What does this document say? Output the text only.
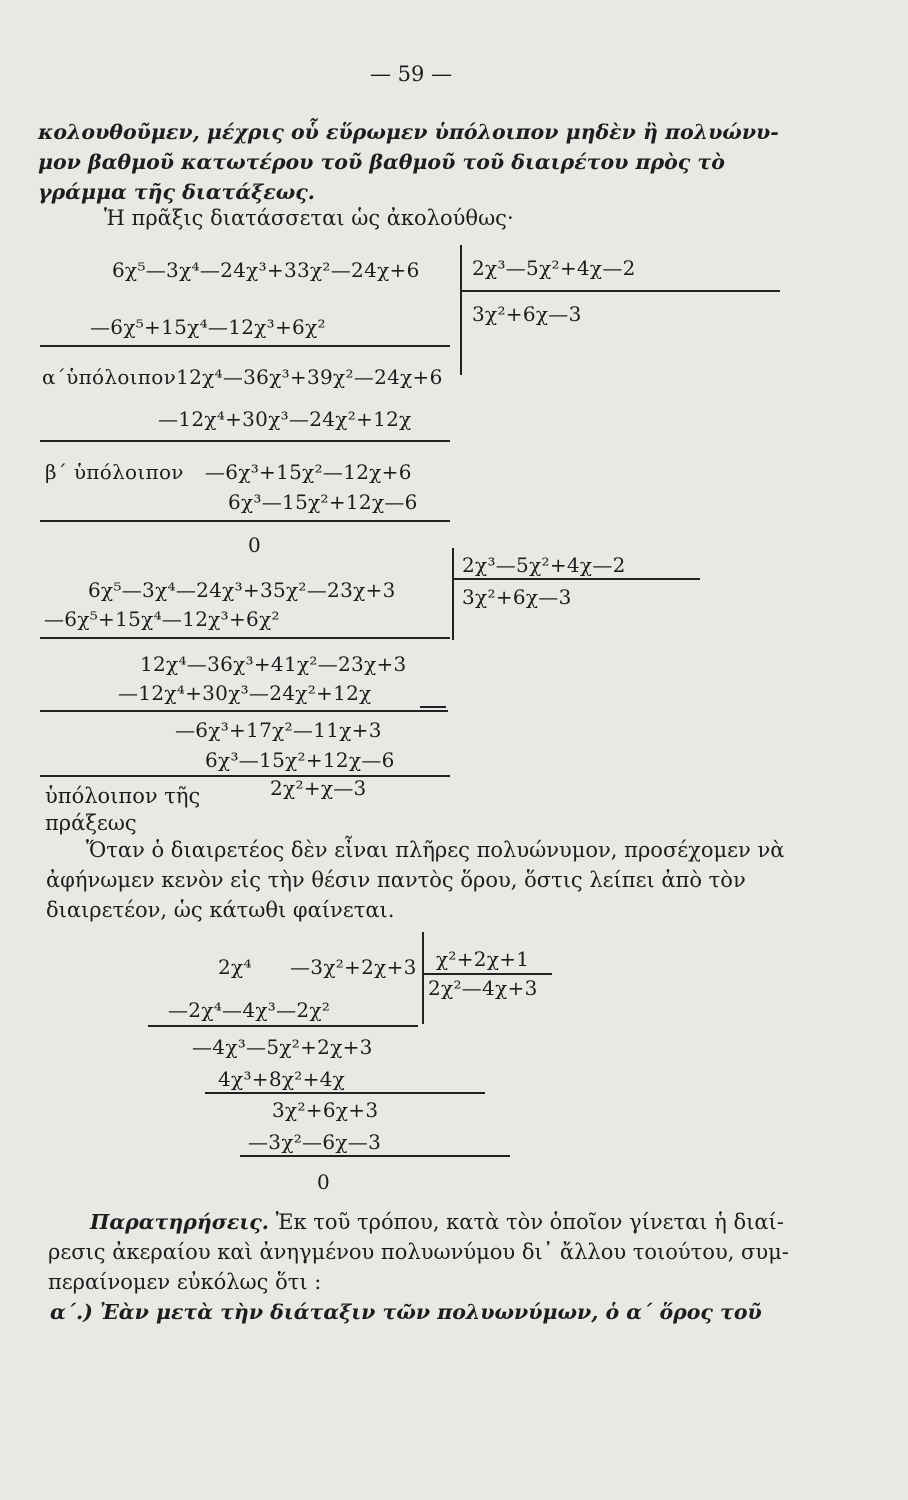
— 59 —
κολουθοῦμεν, μέχρις οὗ εὕρωμεν ὑπόλοιπον μηδὲν ἢ πολυώνυ-
μον βαθμοῦ κατωτέρου τοῦ βαθμοῦ τοῦ διαιρέτου πρὸς τὸ
γράμμα τῆς διατάξεως.
Ἡ πρᾶξις διατάσσεται ὡς ἀκολούθως·
6χ⁵—3χ⁴—24χ³+33χ²—24χ+6	2χ³—5χ²+4χ—2
3χ²+6χ—3
—6χ⁵+15χ⁴—12χ³+6χ²
α΄ὑπόλοιπον12χ⁴—36χ³+39χ²—24χ+6
—12χ⁴+30χ³—24χ²+12χ
β΄ ὑπόλοιπον —6χ³+15χ²—12χ+6
6χ³—15χ²+12χ—6
0
2χ³—5χ²+4χ—2
3χ²+6χ—3
6χ⁵—3χ⁴—24χ³+35χ²—23χ+3
—6χ⁵+15χ⁴—12χ³+6χ²
12χ⁴—36χ³+41χ²—23χ+3
—12χ⁴+30χ³—24χ²+12χ
—6χ³+17χ²—11χ+3
6χ³—15χ²+12χ—6
ὑπόλοιπον τῆς	2χ²+χ—3
πράξεως
Ὅταν ὁ διαιρετέος δὲν εἶναι πλῆρες πολυώνυμον, προσέχομεν νὰ
ἀφήνωμεν κενὸν εἰς τὴν θέσιν παντὸς ὅρου, ὅστις λείπει ἀπὸ τὸν
διαιρετέον, ὡς κάτωθι φαίνεται.
2χ⁴ —3χ²+2χ+3 χ²+2χ+1
2χ²—4χ+3
—2χ⁴—4χ³—2χ²
—4χ³—5χ²+2χ+3
4χ³+8χ²+4χ
3χ²+6χ+3
—3χ²—6χ—3
0
Παρατηρήσεις. Ἐκ τοῦ τρόπου, κατὰ τὸν ὁποῖον γίνεται ἡ διαί-
ρεσις ἀκεραίου καὶ ἀνηγμένου πολυωνύμου δι᾽ ἄλλου τοιούτου, συμ-
περαίνομεν εὐκόλως ὅτι :
α΄.) Ἐὰν μετὰ τὴν διάταξιν τῶν πολυωνύμων, ὁ α΄ ὅρος τοῦ
